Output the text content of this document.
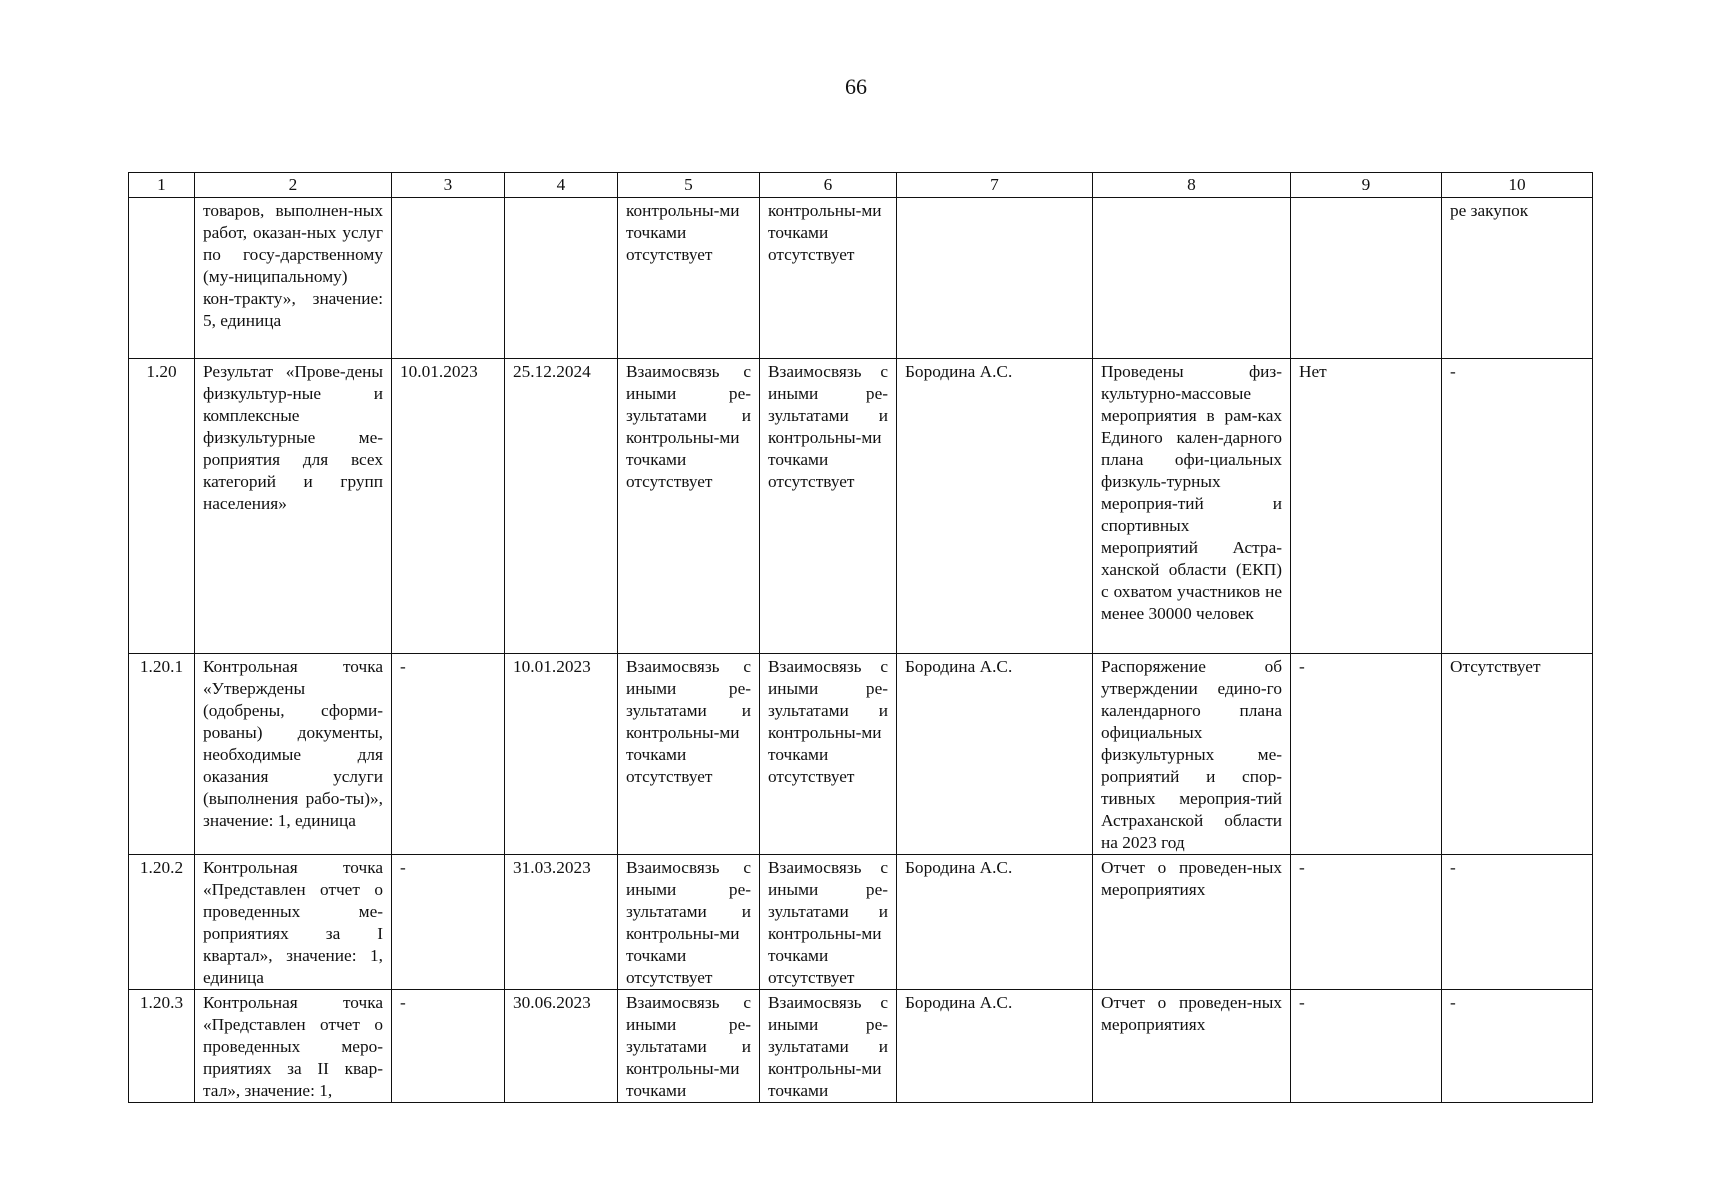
66
1	2	3	4	5	6	7	8	9	10
	товаров, выполнен-ных работ, оказан-ных услуг по госу-дарственному (му-ниципальному) кон-тракту», значение: 5, единица			контрольны-ми точками отсутствует	контрольны-ми точками отсутствует				ре закупок
1.20	Результат «Прове-дены физкультур-ные и комплексные физкультурные ме-роприятия для всех категорий и групп населения»	10.01.2023	25.12.2024	Взаимосвязь с иными ре-зультатами и контрольны-ми точками отсутствует	Взаимосвязь с иными ре-зультатами и контрольны-ми точками отсутствует	Бородина А.С.	Проведены физ-культурно-массовые мероприятия в рам-ках Единого кален-дарного плана офи-циальных физкуль-турных мероприя-тий и спортивных мероприятий Астра-ханской области (ЕКП) с охватом участников не менее 30000 человек	Нет	-
1.20.1	Контрольная точка «Утверждены (одобрены, сформи-рованы) документы, необходимые для оказания услуги (выполнения рабо-ты)», значение: 1, единица	-	10.01.2023	Взаимосвязь с иными ре-зультатами и контрольны-ми точками отсутствует	Взаимосвязь с иными ре-зультатами и контрольны-ми точками отсутствует	Бородина А.С.	Распоряжение об утверждении едино-го календарного плана официальных физкультурных ме-роприятий и спор-тивных мероприя-тий Астраханской области на 2023 год	-	Отсутствует
1.20.2	Контрольная точка «Представлен отчет о проведенных ме-роприятиях за I квартал», значение: 1, единица	-	31.03.2023	Взаимосвязь с иными ре-зультатами и контрольны-ми точками отсутствует	Взаимосвязь с иными ре-зультатами и контрольны-ми точками отсутствует	Бородина А.С.	Отчет о проведен-ных мероприятиях	-	-
1.20.3	Контрольная точка «Представлен отчет о проведенных меро-приятиях за II квар-тал», значение: 1,	-	30.06.2023	Взаимосвязь с иными ре-зультатами и контрольны-ми точками	Взаимосвязь с иными ре-зультатами и контрольны-ми точками	Бородина А.С.	Отчет о проведен-ных мероприятиях	-	-
